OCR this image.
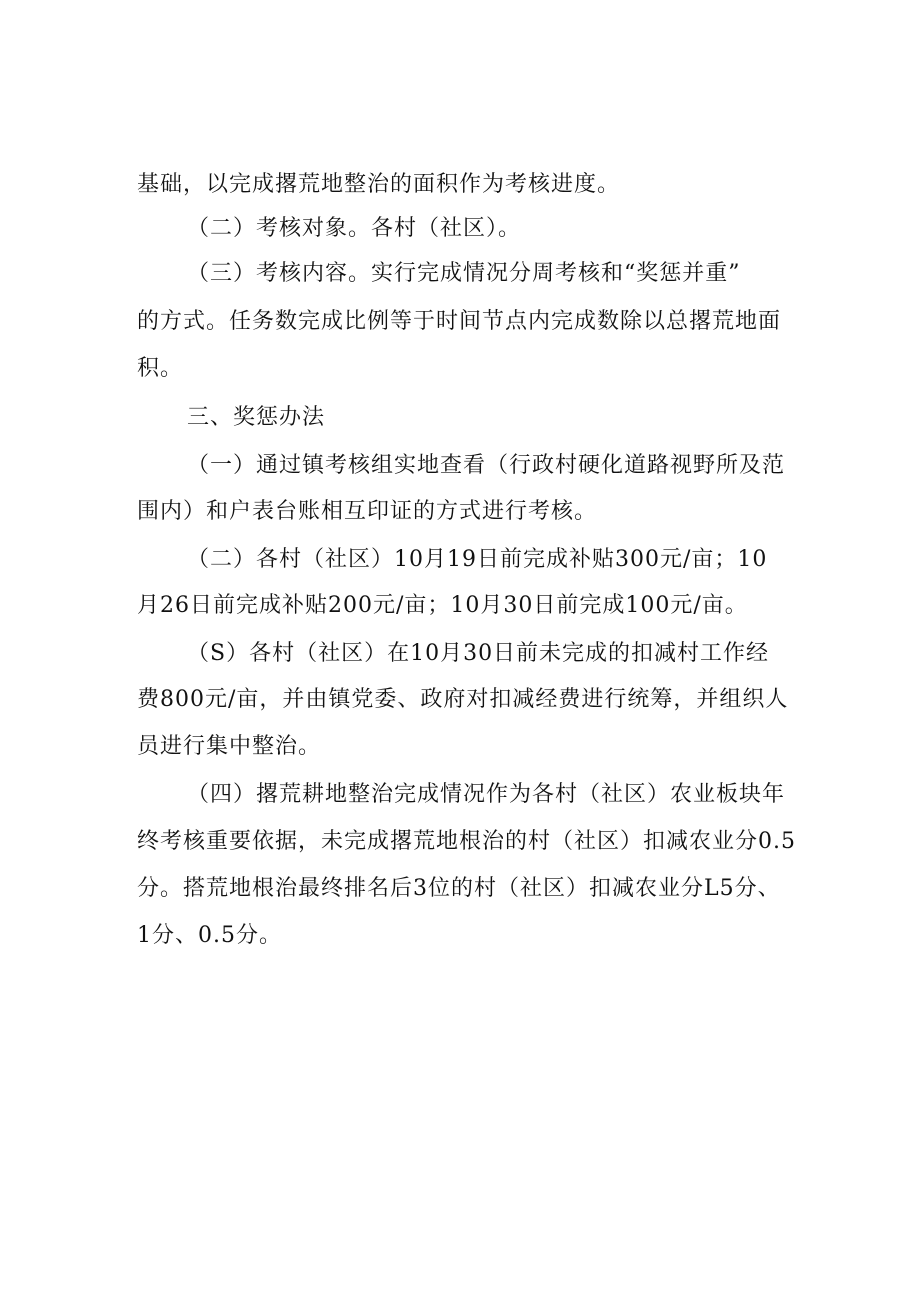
基础，以完成撂荒地整治的面积作为考核进度。
（二）考核对象。各村（社区）。
（三）考核内容。实行完成情况分周考核和“奖惩并重”
的方式。任务数完成比例等于时间节点内完成数除以总撂荒地面
积。
三、奖惩办法
（一）通过镇考核组实地查看（行政村硬化道路视野所及范
围内）和户表台账相互印证的方式进行考核。
（二）各村（社区）10月19日前完成补贴300元/亩；10
月26日前完成补贴200元/亩；10月30日前完成100元/亩。
（S）各村（社区）在10月30日前未完成的扣减村工作经
费800元/亩，并由镇党委、政府对扣减经费进行统筹，并组织人
员进行集中整治。
（四）撂荒耕地整治完成情况作为各村（社区）农业板块年
终考核重要依据，未完成撂荒地根治的村（社区）扣减农业分0.5
分。搭荒地根治最终排名后3位的村（社区）扣减农业分L5分、
1分、0.5分。
